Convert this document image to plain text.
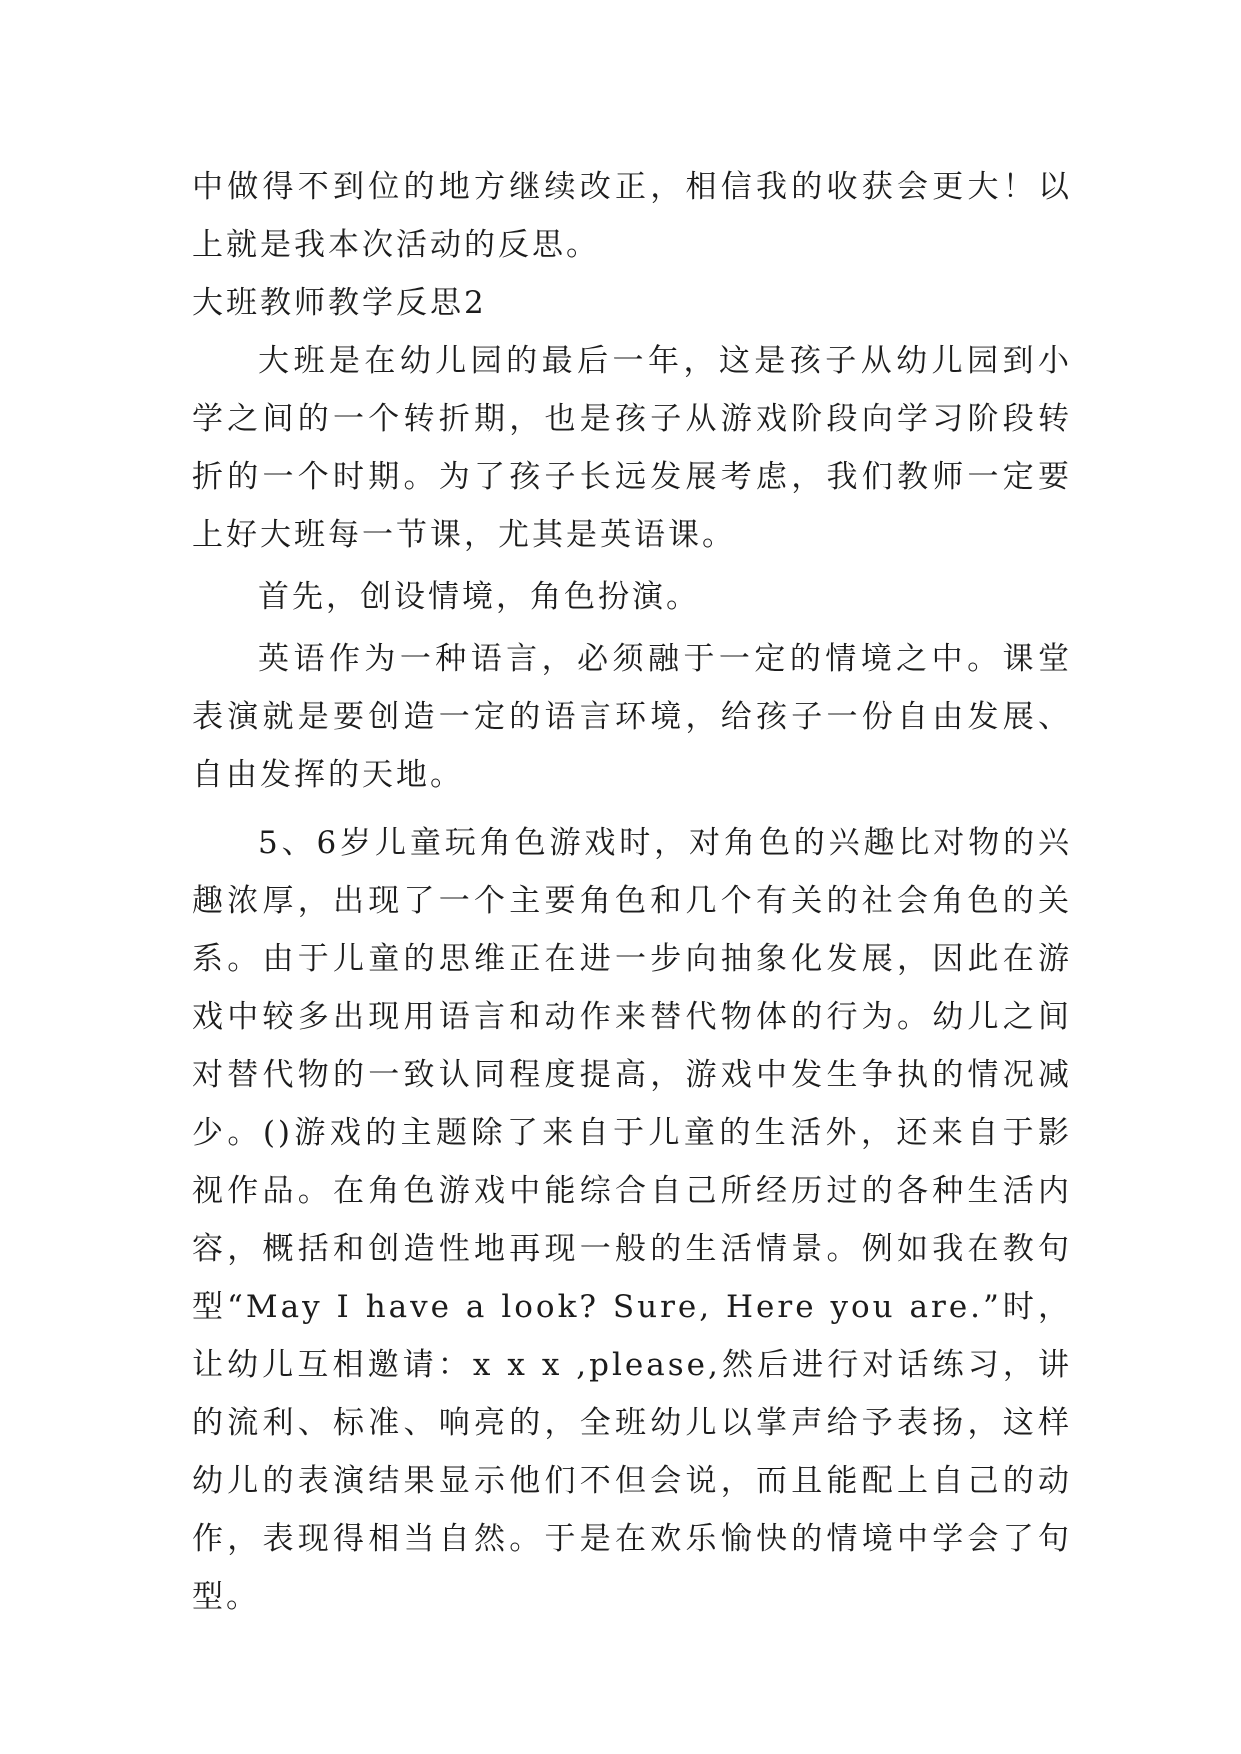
中做得不到位的地方继续改正，相信我的收获会更大！以上就是我本次活动的反思。

大班教师教学反思2

大班是在幼儿园的最后一年，这是孩子从幼儿园到小学之间的一个转折期，也是孩子从游戏阶段向学习阶段转折的一个时期。为了孩子长远发展考虑，我们教师一定要上好大班每一节课，尤其是英语课。

首先，创设情境，角色扮演。

英语作为一种语言，必须融于一定的情境之中。课堂表演就是要创造一定的语言环境，给孩子一份自由发展、自由发挥的天地。

5、6岁儿童玩角色游戏时，对角色的兴趣比对物的兴趣浓厚，出现了一个主要角色和几个有关的社会角色的关系。由于儿童的思维正在进一步向抽象化发展，因此在游戏中较多出现用语言和动作来替代物体的行为。幼儿之间对替代物的一致认同程度提高，游戏中发生争执的情况减少。()游戏的主题除了来自于儿童的生活外，还来自于影视作品。在角色游戏中能综合自己所经历过的各种生活内容，概括和创造性地再现一般的生活情景。例如我在教句型“May I have a look? Sure, Here you are.”时，让幼儿互相邀请：x x x ,please,然后进行对话练习，讲的流利、标准、响亮的，全班幼儿以掌声给予表扬，这样幼儿的表演结果显示他们不但会说，而且能配上自己的动作，表现得相当自然。于是在欢乐愉快的情境中学会了句型。
